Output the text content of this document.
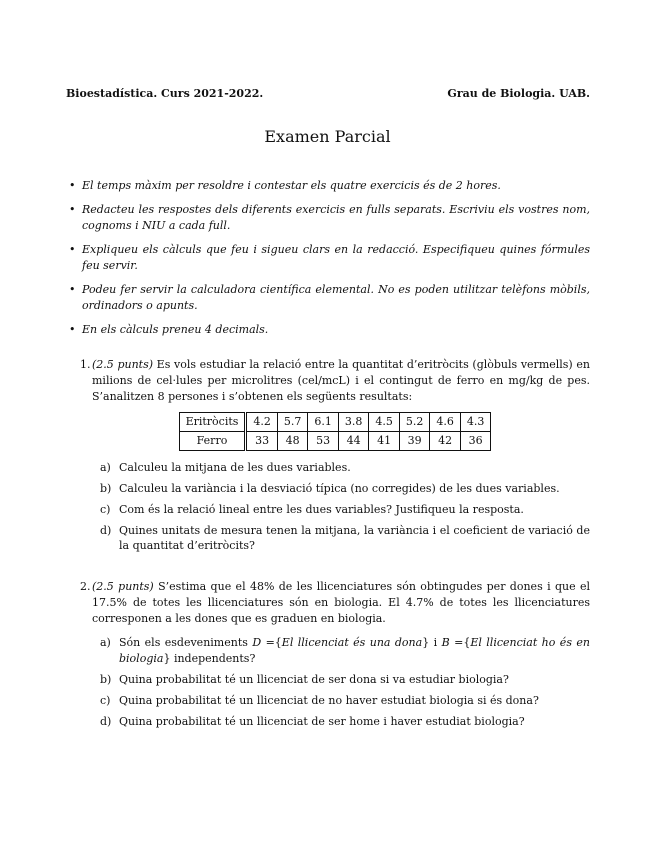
Bioestadística. Curs 2021-2022.	Grau de Biologia. UAB.
Examen Parcial
• El temps màxim per resoldre i contestar els quatre exercicis és de 2 hores.
• Redacteu les respostes dels diferents exercicis en fulls separats. Escriviu els vostres nom, cognoms i NIU a cada full.
• Expliqueu els càlculs que feu i sigueu clars en la redacció. Especifiqueu quines fórmules feu servir.
• Podeu fer servir la calculadora científica elemental. No es poden utilitzar telèfons mòbils, ordinadors o apunts.
• En els càlculs preneu 4 decimals.
1. (2.5 punts) Es vols estudiar la relació entre la quantitat d’eritròcits (glòbuls vermells) en milions de cel·lules per microlitres (cel/mcL) i el contingut de ferro en mg/kg de pes. S’analitzen 8 persones i s’obtenen els següents resultats:

Eritròcits	4.2	5.7	6.1	3.8	4.5	5.2	4.6	4.3
Ferro	33	48	53	44	41	39	42	36
a) Calculeu la mitjana de les dues variables.
b) Calculeu la variància i la desviació típica (no corregides) de les dues variables.
c) Com és la relació lineal entre les dues variables? Justifiqueu la resposta.
d) Quines unitats de mesura tenen la mitjana, la variància i el coeficient de variació de la quantitat d’eritròcits?
2. (2.5 punts) S’estima que el 48% de les llicenciatures són obtingudes per dones i que el 17.5% de totes les llicenciatures són en biologia. El 4.7% de totes les llicenciatures corresponen a les dones que es graduen en biologia.

a) Són els esdeveniments D ={El llicenciat és una dona} i B ={El llicenciat ho és en biologia} independents?
b) Quina probabilitat té un llicenciat de ser dona si va estudiar biologia?
c) Quina probabilitat té un llicenciat de no haver estudiat biologia si és dona?
d) Quina probabilitat té un llicenciat de ser home i haver estudiat biologia?
